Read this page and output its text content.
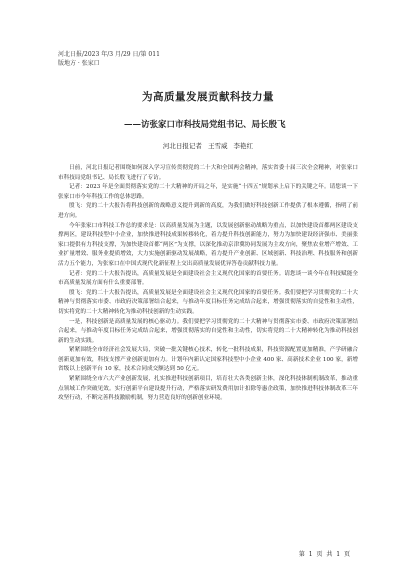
河北日报/2023 年/3 月/29 日/第 011
版地方 · 张家口
为高质量发展贡献科技力量
——访张家口市科技局党组书记、局长殷飞
河北日报记者 王雪威 李艳红

日前，河北日报记者围绕如何深入学习宣传贯彻党的二十大和全国两会精神，落实省委十届三次全会精神，对张家口市科技局党组书记、局长殷飞进行了专访。

记者：2023 年是全面贯彻落实党的二十大精神的开局之年，是实施“十四五”规划承上启下的关键之年。请您谈一下张家口市今年科技工作的总体思路。

殷飞：党的二十大报告将科技创新的战略意义提升到新的高度，为我们做好科技创新工作提供了根本遵循，指明了前进方向。

今年张家口市科技工作总的要求是：以高质量发展为主题，以发展创新驱动战略为重点，以加快建设首都两区建设支撑两区，建设科技型中小企业，加快推进科技成果转移转化，着力提升科技创新能力，努力为加快建设经济强市、美丽张家口提供有力科技支撑，为加快建设首都“两区”为支撑，以深化推动京津冀协同发展为主攻方向，聚焦农业增产增效、工业扩量增效、服务业提质增效，大力实施创新驱动发展战略，着力提升产业创新、区域创新、科技治理、科技服务和创新活力五个能力，为张家口在中国式现代化新征程上交出高质量发展优异答卷贡献科技力量。

记者：党的二十大报告提出，高质量发展是全面建设社会主义现代化国家的首要任务。请您谈一谈今年在科技赋能全市高质量发展方面有什么重要部署。

殷飞：党的二十大报告提出，高质量发展是全面建设社会主义现代化国家的首要任务。我们要把学习贯彻党的二十大精神与贯彻落实市委、市政府决策部署结合起来，与推动年度目标任务完成结合起来，增强贯彻落实的自觉性和主动性，切实将党的二十大精神转化为推动科技创新的生动实践。

一是，科技创新是高质量发展的核心驱动力。我们要把学习贯彻党的二十大精神与贯彻落实市委、市政府决策部署结合起来，与推动年度目标任务完成结合起来，增强贯彻落实的自觉性和主动性，切实将党的二十大精神转化为推动科技创新的生动实践。

紧紧围绕全市经济社会发展大局，突破一批关键核心技术，转化一批科技成果，科技资源配置更加精准，产学研融合创新更加有效，科技支撑产业创新更加有力。计划年内新认定国家科技型中小企业 400 家、高新技术企业 100 家，新增省级以上创新平台 10 家，技术合同成交额达到 50 亿元。

紧紧围绕全市六大产业创新发展，扎实推进科技创新项目，培育壮大各类创新主体，深化科技体制机制改革，推动重点领域工作突破见效。实行创新平台建设提升行动，严格落实研发费用加计扣除等惠企政策，加快推进科技体制改革三年攻坚行动，不断完善科技激励机制，努力营造良好的创新创业环境。

第 1 页 共 1 页
